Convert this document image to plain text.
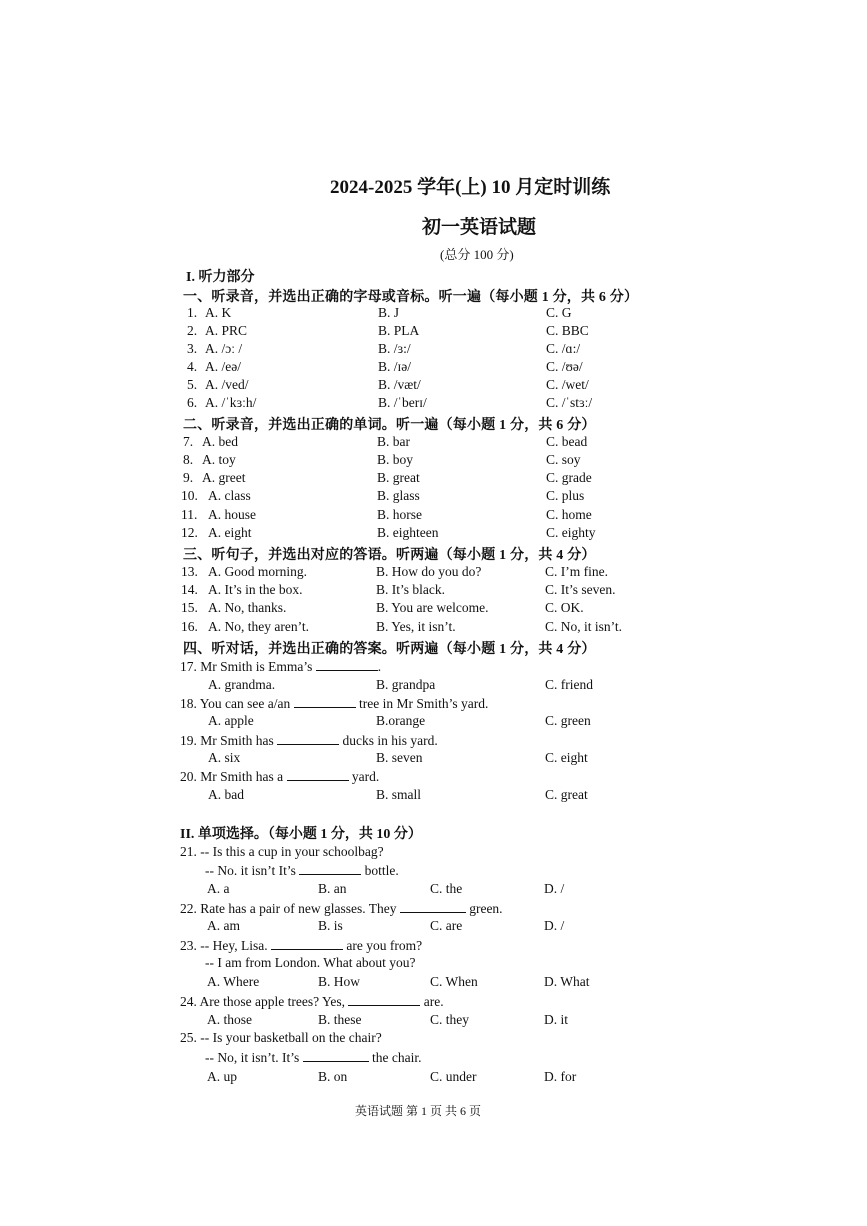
2024-2025 学年(上) 10 月定时训练
初一英语试题
(总分 100 分)
I. 听力部分
一、听录音，并选出正确的字母或音标。听一遍（每小题 1 分，共 6 分）
1. A. K	B. J	C. G
2. A. PRC	B. PLA	C. BBC
3. A. /ɔː /	B. /ɜ:/	C. /ɑ:/
4. A. /eə/	B. /ɪə/	C. /ʊə/
5. A. /ved/	B. /væt/	C. /wet/
6. A. /ˈkɜːh/	B. /ˈberɪ/	C. /ˈstɜː/
二、听录音，并选出正确的单词。听一遍（每小题 1 分，共 6 分）
7. A. bed	B. bar	C. bead
8. A. toy	B. boy	C. soy
9. A. greet	B. great	C. grade
10. A. class	B. glass	C. plus
11. A. house	B. horse	C. home
12. A. eight	B. eighteen	C. eighty
三、听句子，并选出对应的答语。听两遍（每小题 1 分，共 4 分）
13. A. Good morning.	B. How do you do?	C. I’m fine.
14. A. It’s in the box.	B. It’s black.	C. It’s seven.
15. A. No, thanks.	B. You are welcome.	C. OK.
16. A. No, they aren’t.	B. Yes, it isn’t.	C. No, it isn’t.
四、听对话，并选出正确的答案。听两遍（每小题 1 分，共 4 分）
17. Mr Smith is Emma’s	.
A. grandma.	B. grandpa	C. friend
18. You can see a/an	tree in Mr Smith’s yard.
A. apple	B.orange	C. green
19. Mr Smith has	ducks in his yard.
A. six	B. seven	C. eight
20. Mr Smith has a	yard.
A. bad	B. small	C. great
II. 单项选择。（每小题 1 分，共 10 分）
21. -- Is this a cup in your schoolbag?
-- No. it isn’t It’s	bottle.
A. a	B. an	C. the	D. /
22. Rate has a pair of new glasses. They	green.
A. am	B. is	C. are	D. /
23. -- Hey, Lisa.	are you from?
-- I am from London. What about you?
A. Where	B. How	C. When	D. What
24. Are those apple trees? Yes,	are.
A. those	B. these	C. they	D. it
25. -- Is your basketball on the chair?
-- No, it isn’t. It’s	the chair.
A. up	B. on	C. under	D. for
英语试题 第 1 页 共 6 页
